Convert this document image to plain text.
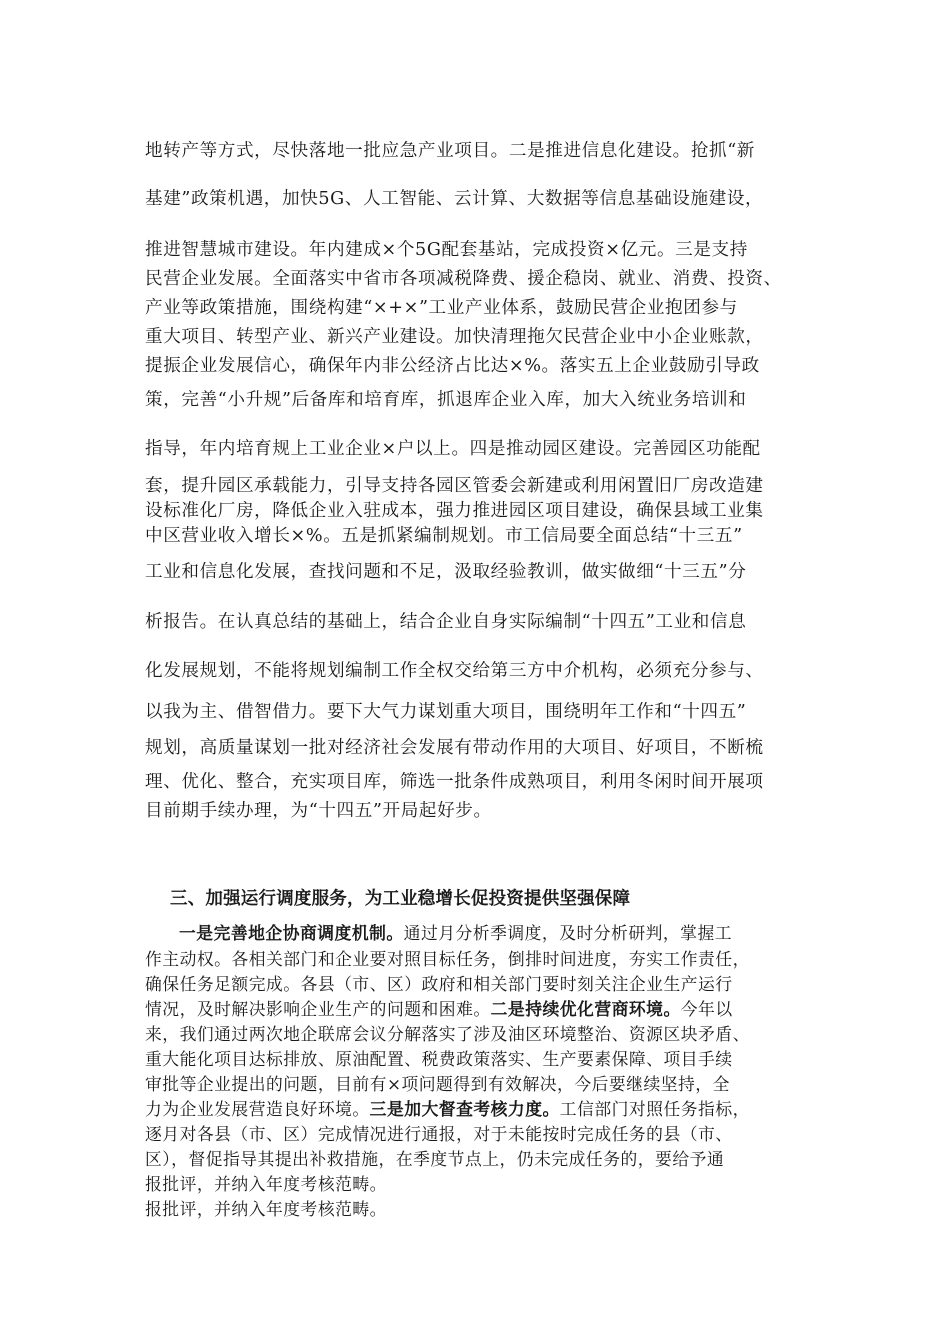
地转产等方式，尽快落地一批应急产业项目。二是推进信息化建设。抢抓“新
基建”政策机遇，加快5G、人工智能、云计算、大数据等信息基础设施建设，
推进智慧城市建设。年内建成×个5G配套基站，完成投资×亿元。三是支持
民营企业发展。全面落实中省市各项减税降费、援企稳岗、就业、消费、投资、
产业等政策措施，围绕构建“×+×”工业产业体系，鼓励民营企业抱团参与
重大项目、转型产业、新兴产业建设。加快清理拖欠民营企业中小企业账款，
提振企业发展信心，确保年内非公经济占比达×%。落实五上企业鼓励引导政
策，完善“小升规”后备库和培育库，抓退库企业入库，加大入统业务培训和
指导，年内培育规上工业企业×户以上。四是推动园区建设。完善园区功能配
套，提升园区承载能力，引导支持各园区管委会新建或利用闲置旧厂房改造建
设标准化厂房，降低企业入驻成本，强力推进园区项目建设，确保县域工业集
中区营业收入增长×%。五是抓紧编制规划。市工信局要全面总结“十三五”
工业和信息化发展，查找问题和不足，汲取经验教训，做实做细“十三五”分
析报告。在认真总结的基础上，结合企业自身实际编制“十四五”工业和信息
化发展规划，不能将规划编制工作全权交给第三方中介机构，必须充分参与、
以我为主、借智借力。要下大气力谋划重大项目，围绕明年工作和“十四五”
规划，高质量谋划一批对经济社会发展有带动作用的大项目、好项目，不断梳
理、优化、整合，充实项目库，筛选一批条件成熟项目，利用冬闲时间开展项
目前期手续办理，为“十四五”开局起好步。
三、加强运行调度服务，为工业稳增长促投资提供坚强保障
一是完善地企协商调度机制。通过月分析季调度，及时分析研判，掌握工
作主动权。各相关部门和企业要对照目标任务，倒排时间进度，夯实工作责任，
确保任务足额完成。各县（市、区）政府和相关部门要时刻关注企业生产运行
情况，及时解决影响企业生产的问题和困难。二是持续优化营商环境。今年以
来，我们通过两次地企联席会议分解落实了涉及油区环境整治、资源区块矛盾、
重大能化项目达标排放、原油配置、税费政策落实、生产要素保障、项目手续
审批等企业提出的问题，目前有×项问题得到有效解决，今后要继续坚持，全
力为企业发展营造良好环境。三是加大督查考核力度。工信部门对照任务指标，
逐月对各县（市、区）完成情况进行通报，对于未能按时完成任务的县（市、
区），督促指导其提出补救措施，在季度节点上，仍未完成任务的，要给予通
报批评，并纳入年度考核范畴。
报批评，并纳入年度考核范畴。
